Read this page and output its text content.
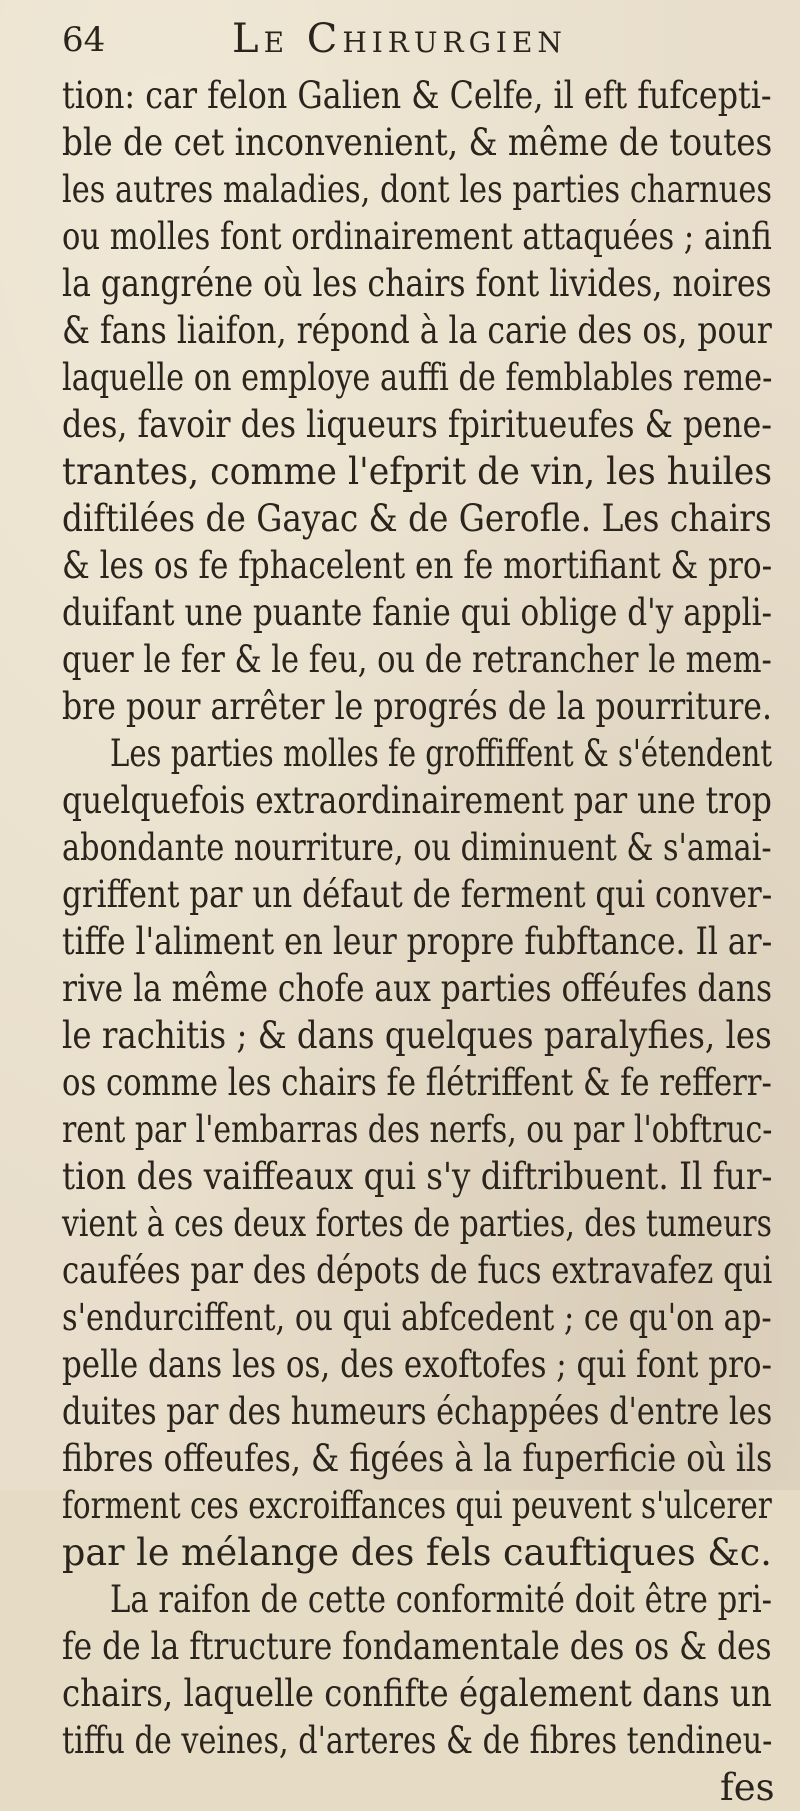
64	Le Chirurgien
tion: car felon Galien & Celfe, il eft fufcepti-
ble de cet inconvenient, & même de toutes
les autres maladies, dont les parties charnues
ou molles font ordinairement attaquées ; ainfi
la gangréne où les chairs font livides, noires
& fans liaifon, répond à la carie des os, pour
laquelle on employe auffi de femblables reme-
des, favoir des liqueurs fpiritueufes & pene-
trantes, comme l'efprit de vin, les huiles
diftilées de Gayac & de Gerofle. Les chairs
& les os fe fphacelent en fe mortifiant & pro-
duifant une puante fanie qui oblige d'y appli-
quer le fer & le feu, ou de retrancher le mem-
bre pour arrêter le progrés de la pourriture.
Les parties molles fe groffiffent & s'étendent
quelquefois extraordinairement par une trop
abondante nourriture, ou diminuent & s'amai-
griffent par un défaut de ferment qui conver-
tiffe l'aliment en leur propre fubftance. Il ar-
rive la même chofe aux parties offéufes dans
le rachitis ; & dans quelques paralyfies, les
os comme les chairs fe flétriffent & fe refferr-
rent par l'embarras des nerfs, ou par l'obftruc-
tion des vaiffeaux qui s'y diftribuent. Il fur-
vient à ces deux fortes de parties, des tumeurs
caufées par des dépots de fucs extravafez qui
s'endurciffent, ou qui abfcedent ; ce qu'on ap-
pelle dans les os, des exoftofes ; qui font pro-
duites par des humeurs échappées d'entre les
fibres offeufes, & figées à la fuperficie où ils
forment ces excroiffances qui peuvent s'ulcerer
par le mélange des fels cauftiques &c.
La raifon de cette conformité doit être pri-
fe de la ftructure fondamentale des os & des
chairs, laquelle confifte également dans un
tiffu de veines, d'arteres & de fibres tendineu-
fes
